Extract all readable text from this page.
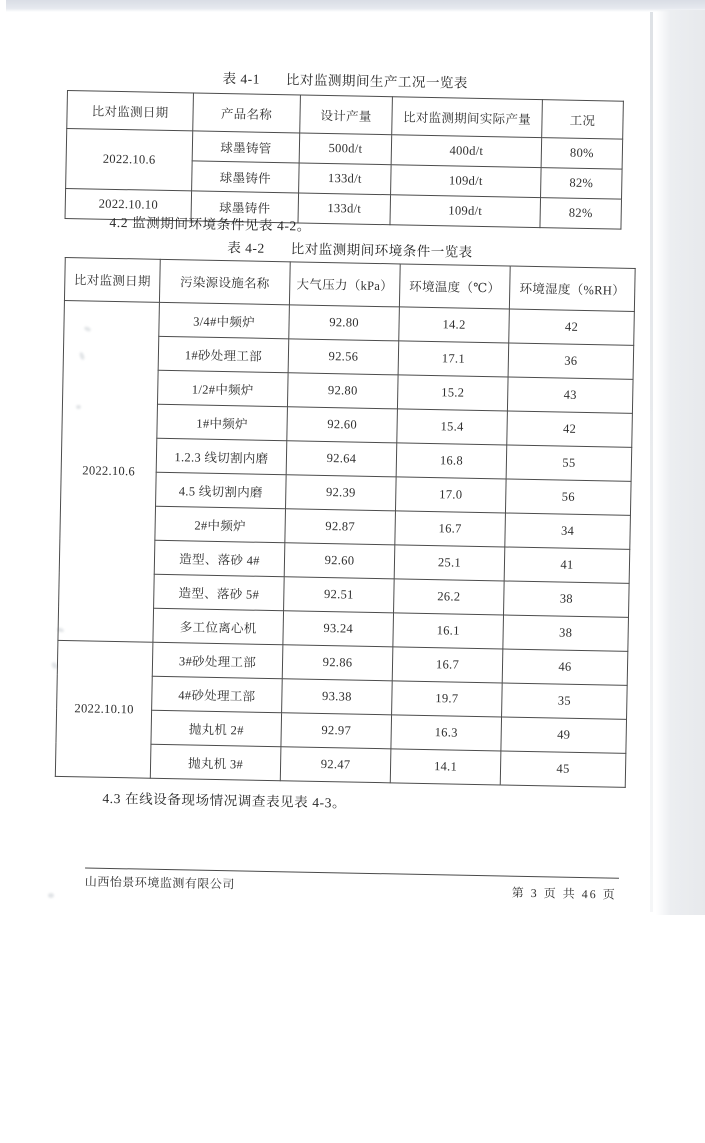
表 4-1 比对监测期间生产工况一览表
比对监测日期	产品名称	设计产量	比对监测期间实际产量	工况
2022.10.6	球墨铸管	500d/t	400d/t	80%
	球墨铸件	133d/t	109d/t	82%
2022.10.10	球墨铸件	133d/t	109d/t	82%
4.2 监测期间环境条件见表 4-2。
表 4-2 比对监测期间环境条件一览表
比对监测日期	污染源设施名称	大气压力（kPa）	环境温度（℃）	环境湿度（%RH）
2022.10.6	3/4#中频炉	92.80	14.2	42
	1#砂处理工部	92.56	17.1	36
	1/2#中频炉	92.80	15.2	43
	1#中频炉	92.60	15.4	42
	1.2.3 线切割内磨	92.64	16.8	55
	4.5 线切割内磨	92.39	17.0	56
	2#中频炉	92.87	16.7	34
	造型、落砂 4#	92.60	25.1	41
	造型、落砂 5#	92.51	26.2	38
	多工位离心机	93.24	16.1	38
2022.10.10	3#砂处理工部	92.86	16.7	46
	4#砂处理工部	93.38	19.7	35
	抛丸机 2#	92.97	16.3	49
	抛丸机 3#	92.47	14.1	45
4.3 在线设备现场情况调查表见表 4-3。
山西怡景环境监测有限公司
第 3 页 共 46 页
